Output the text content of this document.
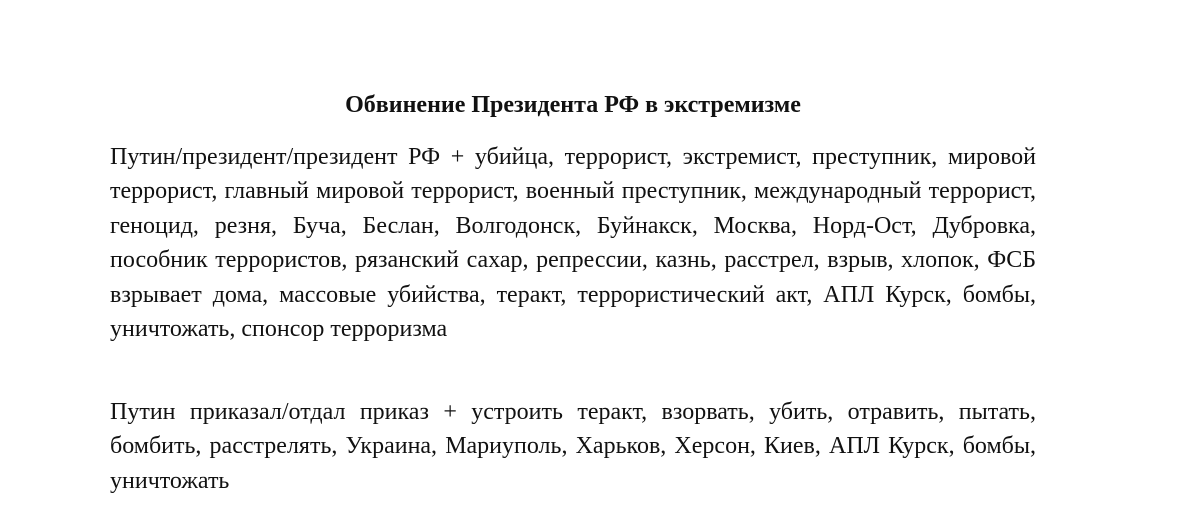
Обвинение Президента РФ в экстремизме

Путин/президент/президент РФ + убийца, террорист, экстремист, преступник, мировой террорист, главный мировой террорист, военный преступник, международный террорист, геноцид, резня, Буча, Беслан, Волгодонск, Буйнакск, Москва, Норд-Ост, Дубровка, пособник террористов, рязанский сахар, репрессии, казнь, расстрел, взрыв, хлопок, ФСБ взрывает дома, массовые убийства, теракт, террористический акт, АПЛ Курск, бомбы, уничтожать, спонсор терроризма

Путин приказал/отдал приказ + устроить теракт, взорвать, убить, отравить, пытать, бомбить, расстрелять, Украина, Мариуполь, Харьков, Херсон, Киев, АПЛ Курск, бомбы, уничтожать
